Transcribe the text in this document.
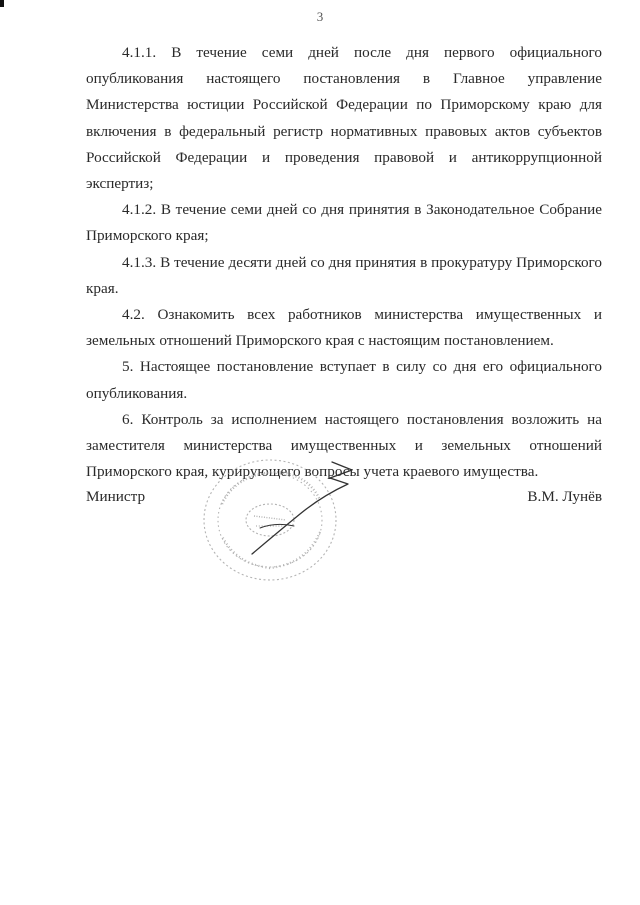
3

4.1.1. В течение семи дней после дня первого официального опубликования настоящего постановления в Главное управление Министерства юстиции Российской Федерации по Приморскому краю для включения в федеральный регистр нормативных правовых актов субъектов Российской Федерации и проведения правовой и антикоррупционной экспертиз;

4.1.2. В течение семи дней со дня принятия в Законодательное Собрание Приморского края;

4.1.3. В течение десяти дней со дня принятия в прокуратуру Приморского края.

4.2. Ознакомить всех работников министерства имущественных и земельных отношений Приморского края с настоящим постановлением.

5. Настоящее постановление вступает в силу со дня его официального опубликования.

6. Контроль за исполнением настоящего постановления возложить на заместителя министерства имущественных и земельных отношений Приморского края, курирующего вопросы учета краевого имущества.

Министр	В.М. Лунёв
